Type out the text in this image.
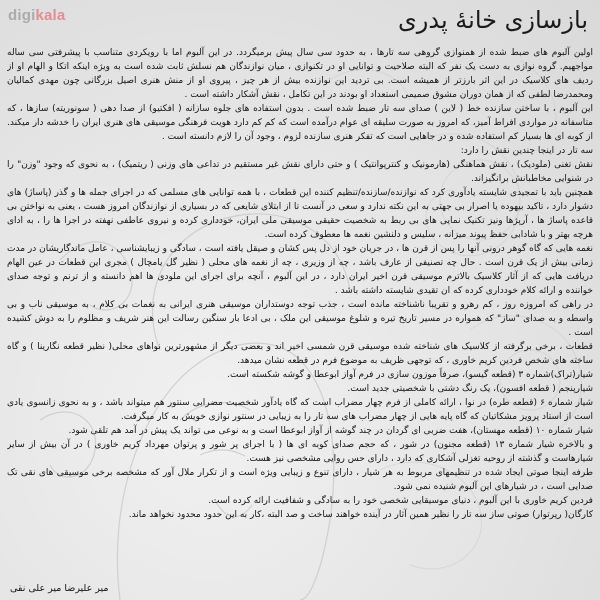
digikala	بازسازی خانهٔ پدری

اولین آلبوم های ضبط شده از همنوازی گروهی سه تارها ، به حدود سی سال پیش برمیگردد. در این آلبوم اما با رویکردی متناسب با پیشرفتی سی ساله مواجهیم. گروه نوازی به دست یک نفر که البته صلاحیت و توانایی او در تکنوازی ، میان نوازندگان هم نسلش ثابت شده است به ویژه اینکه اتکا و الهام او از ردیف های کلاسیک در این اثر بارزتر از همیشه است. بی تردید این نوازنده بیش از هر چیز ، پیروی او از منش هنری اصیل بزرگانی چون مهدی کمالیان ومحمدرضا لطفی که از همان دوران مشوق صمیمی استعداد او بودند در این تکامل ، نقش آشکار داشته است .

این آلبوم ، با ساختن سازنده خط ( لاین ) صدای سه تار ضبط شده است . بدون استفاده های جلوه سازانه ( افکتیو) از صدا دهی ( سونوریته) سازها ، که متاسفانه در مواردی افراط آمیز، که امروز به صورت سلیقه ای عوام درآمده است که کم کم دارد هویت فرهنگی موسیقی های هنری ایران را خدشه دار میکند. از کوبه ای ها بسیار کم استفاده شده و در جاهایی است که تفکر هنری سازنده لزوم ، وجود آن را لازم دانسته است .

سه تار در اینجا چندین نقش را دارد:

نقش تغنی (ملودیک) ، نقش هماهنگی (هارمونیک و کنترپوانتیک ) و حتی دارای نقش غیر مستقیم در تداعی های وزنی ( ریتمیک) ، به نحوی که وجود "وزن" را در شنوایی مخاطبانش برانگیزاند.

همچنین باید با تمجیدی شایسته یادآوری کرد که نوازنده/سازنده/تنظیم کننده این قطعات ، با همه توانایی های مسلمی که در اجرای جمله ها و گذر (پاساژ) های دشوار دارد ، تاکید بیهوده یا اصرار بی جهتی به این نکته ندارد و سعی در آنست تا از ابتلای شایعی که در بسیاری از نوازندگان امروز هست ، یعنی به نواختن بی قاعده پاساژ ها ، آرپژها ونیز تکنیک نمایی های بی ربط به شخصیت حقیقی موسیقی ملی ایران، خودداری کرده و نیروی عاطفی نهفته در اجرا ها را ، به ادای هرچه بهتر و با شادابی حفظ پیوند میزانه ، سلیس و دلنشین نغمه ها معطوف کرده است.

نغمه هایی که گاه گوهر درونی آنها را پس از قرن ها ، در جریان خود از دل پس کشان و صیقل یافته است ، سادگی و زیبایشناسی ، عامل ماندگاریشان در مدت زمانی بیش از یک قرن است . حال چه تصنیفی از عارف باشد ، چه از وزیری ، چه از نغمه های محلی ( نظیر گل یامچال ) مجری این قطعات در عین الهام دریافت هایی که از آثار کلاسیک بالاترم موسیقی قرن اخیر ایران دارد ، در این آلبوم ، آنچه برای اجرای این ملودی ها اهم دانسته و از ترنم و توجه صدای خواننده و ارائه کلام خودداری کرده که ان تقیدی شایسته داشته باشد .

در راهی که امروزه روز ، کم رهرو و تقریبا ناشناخته مانده است ، جذب توجه دوستداران موسیقی هنری ایرانی به نغمات بی کلام ، به موسیقی ناب و بی واسطه و به صدای "ساز" که همواره در مسیر تاریخ تیره و شلوغ موسیقی این ملک ، بی ادعا بار سنگین رسالت این هنر شریف و مظلوم را به دوش کشیده است .

قطعات ، برخی برگرفته از کلاسیک های شناخته شده موسیقی قرن شمسی اخیر اند و بعضی دیگر از مشهورترین نواهای محلی( نظیر قطعه نگارینا ) و گاه ساخته های شخص فردین کریم خاوری ، که توجهی ظریف به موضوع فرم در قطعه نشان میدهد.

شیار(تراک)شماره ۳ (قطعه گیسو)، صرفاً موزون سازی در فرم آواز ابوعطا و گوشه شکسته است.

شیارپنجم ( قطعه افسون)، یک رنگ دشتی با شخصیتی جدید است.

شیار شماره ۶ (قطعه طره) در نوا ، ارائه کاملی از فرم چهار مضراب است که گاه یادآور شخصیت مضرابی سنتور هم میتواند باشد ، و به نحوی زانسوی یادی است از استاد پرویز مشکاتیان که گاه پایه هایی از چهار مضراب های سه تار را به زیبایی در سنتور نوازی خویش به کار میگرفت.

شیار شماره ۱۰ (قطعه مهستان)، هفت ضربی ای گردان در چند گوشه از آواز ابوعطا است و به نوعی می تواند یک پیش در آمد هم تلقی شود.

و بالاخره شیار شماره ۱۳ (قطعه مجنون) در شور ، که حجم صدای کوبه ای ها ( با اجرای پر شور و پرتوان مهرداد کریم خاوری ) در آن بیش از سایر شیارهاست و گذشته از روحیه تغزلی آشکاری که دارد ، دارای حس روایی مشخصی نیز هست.

طرفه اینجا صوتی ایجاد شده در تنظیمهای مربوط به هر شیار ، دارای تنوع و زیبایی ویژه است و از تکرار ملال آور که مشخصه برخی موسیقی های نقی تک صدایی است ، در شیارهای این آلبوم شنیده نمی شود.

فردین کریم خاوری با این آلبوم ، دنیای موسیقایی شخصی خود را به سادگی و شفافیت ارائه کرده است.

کارگان( رپرتوار) صوتی ساز سه تار را نظیر همین آثار در آینده خواهند ساخت و صد البته ،کار به این حدود محدود نخواهد ماند.

میر علیرضا میر علی نقی
